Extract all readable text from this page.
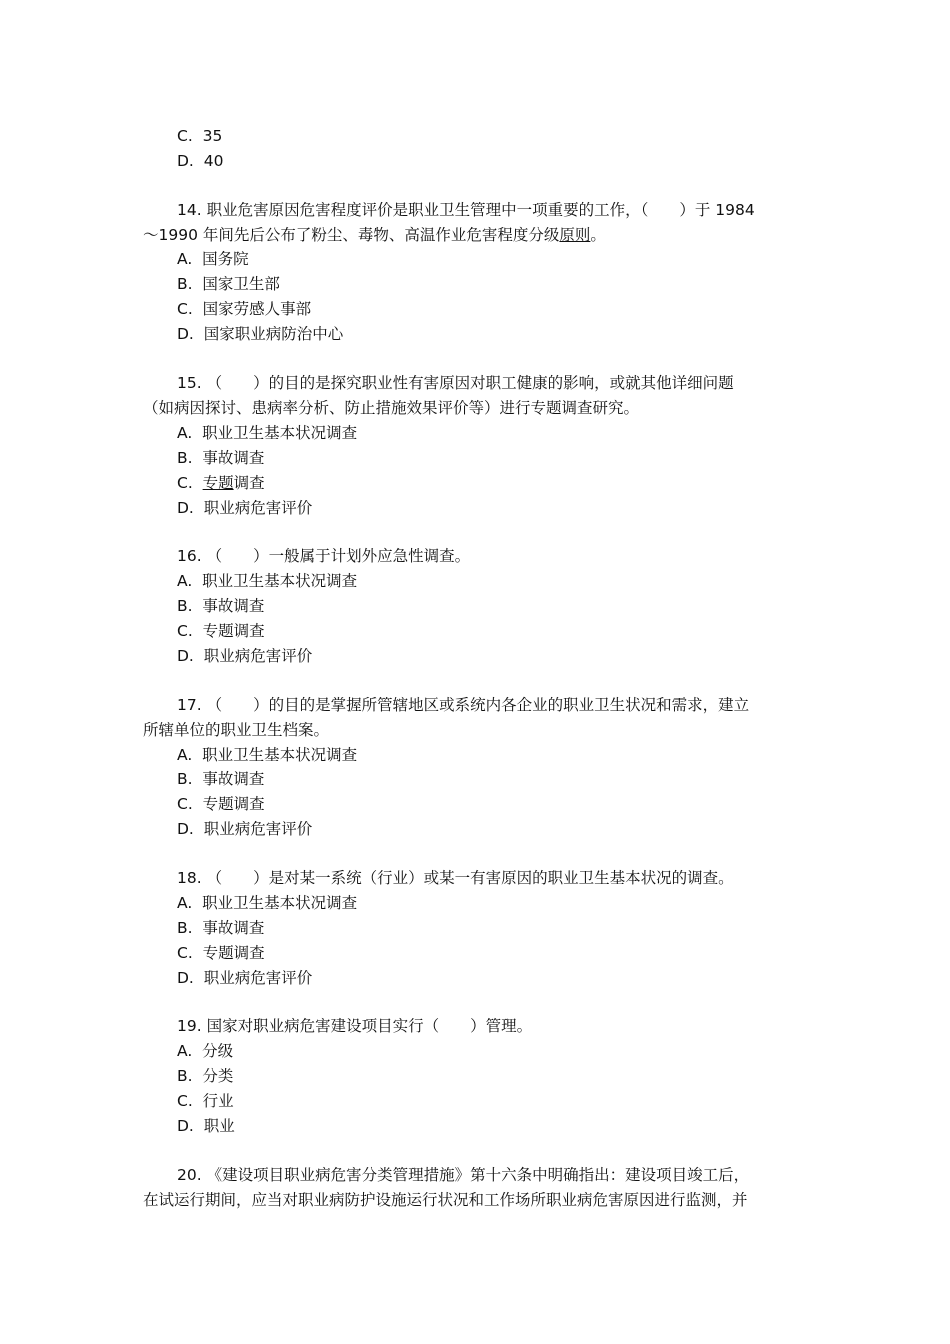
C. 35
D. 40
14. 职业危害原因危害程度评价是职业卫生管理中一项重要的工作，（　　）于 1984
～1990 年间先后公布了粉尘、毒物、高温作业危害程度分级原则。
A. 国务院
B. 国家卫生部
C. 国家劳感人事部
D. 国家职业病防治中心
15. （　　）的目的是探究职业性有害原因对职工健康的影响，或就其他详细问题
（如病因探讨、患病率分析、防止措施效果评价等）进行专题调查研究。
A. 职业卫生基本状况调查
B. 事故调查
C. 专题调查
D. 职业病危害评价
16. （　　）一般属于计划外应急性调查。
A. 职业卫生基本状况调查
B. 事故调查
C. 专题调查
D. 职业病危害评价
17. （　　）的目的是掌握所管辖地区或系统内各企业的职业卫生状况和需求，建立
所辖单位的职业卫生档案。
A. 职业卫生基本状况调查
B. 事故调查
C. 专题调查
D. 职业病危害评价
18. （　　）是对某一系统（行业）或某一有害原因的职业卫生基本状况的调查。
A. 职业卫生基本状况调查
B. 事故调查
C. 专题调查
D. 职业病危害评价
19. 国家对职业病危害建设项目实行（　　）管理。
A. 分级
B. 分类
C. 行业
D. 职业
20. 《建设项目职业病危害分类管理措施》第十六条中明确指出：建设项目竣工后，
在试运行期间，应当对职业病防护设施运行状况和工作场所职业病危害原因进行监测，并
